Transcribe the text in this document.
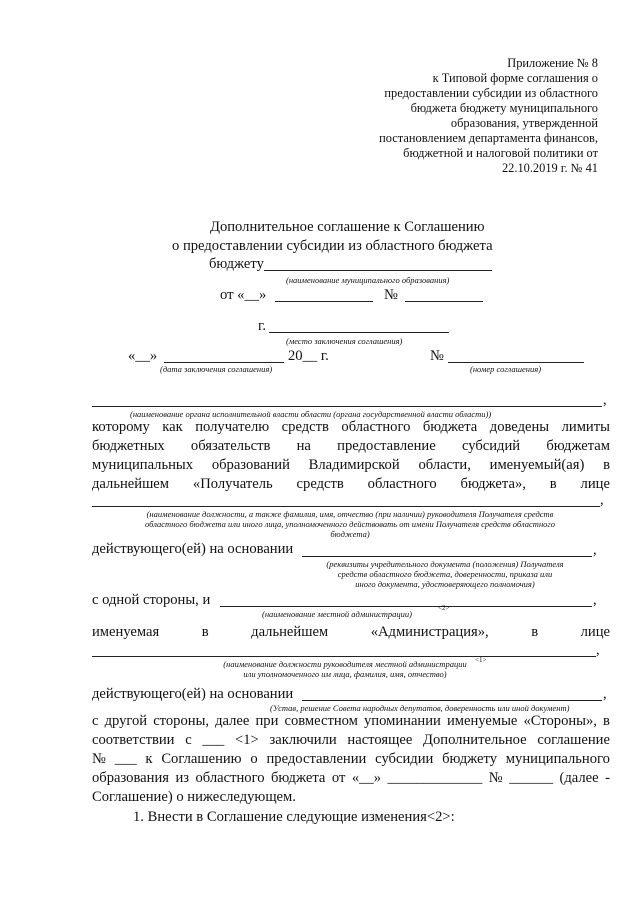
Приложение № 8
к Типовой форме соглашения о
предоставлении субсидии из областного
бюджета бюджету муниципального
образования, утвержденной
постановлением департамента финансов,
бюджетной и налоговой политики от
22.10.2019 г. № 41
Дополнительное соглашение к Соглашению
о предоставлении субсидии из областного бюджета
бюджету
(наименование муниципального образования)
от «__»	№
г.
(место заключения соглашения)
«__»	20__ г.	№
(дата заключения соглашения)	(номер соглашения)
,
(наименование органа исполнительной власти области (органа государственной власти области))
которому как получателю средств областного бюджета доведены лимиты
бюджетных обязательств на предоставление субсидий бюджетам
муниципальных образований Владимирской области, именуемый(ая) в
дальнейшем «Получатель средств областного бюджета», в лице
,
(наименование должности, а также фамилия, имя, отчество (при наличии) руководителя Получателя средств
областного бюджета или иного лица, уполномоченного действовать от имени Получателя средств областного
бюджета)
действующего(ей) на основании	,
(реквизиты учредительного документа (положения) Получателя
средств областного бюджета, доверенности, приказа или
иного документа, удостоверяющего полномочия)
с одной стороны, и	,
<2>
(наименование местной администрации)
именуемая	в	дальнейшем	«Администрация»,	в	лице
,
<1>
(наименование должности руководителя местной администрации
или уполномоченного им лица, фамилия, имя, отчество)
действующего(ей) на основании	,
(Устав, решение Совета народных депутатов, доверенность или иной документ)
с другой стороны, далее при совместном упоминании именуемые «Стороны», в
соответствии с ___ <1> заключили настоящее Дополнительное соглашение
№ ___ к Соглашению о предоставлении субсидии бюджету муниципального
образования из областного бюджета от «__» _____________ № ______ (далее -
Соглашение) о нижеследующем.
1. Внести в Соглашение следующие изменения<2>:
